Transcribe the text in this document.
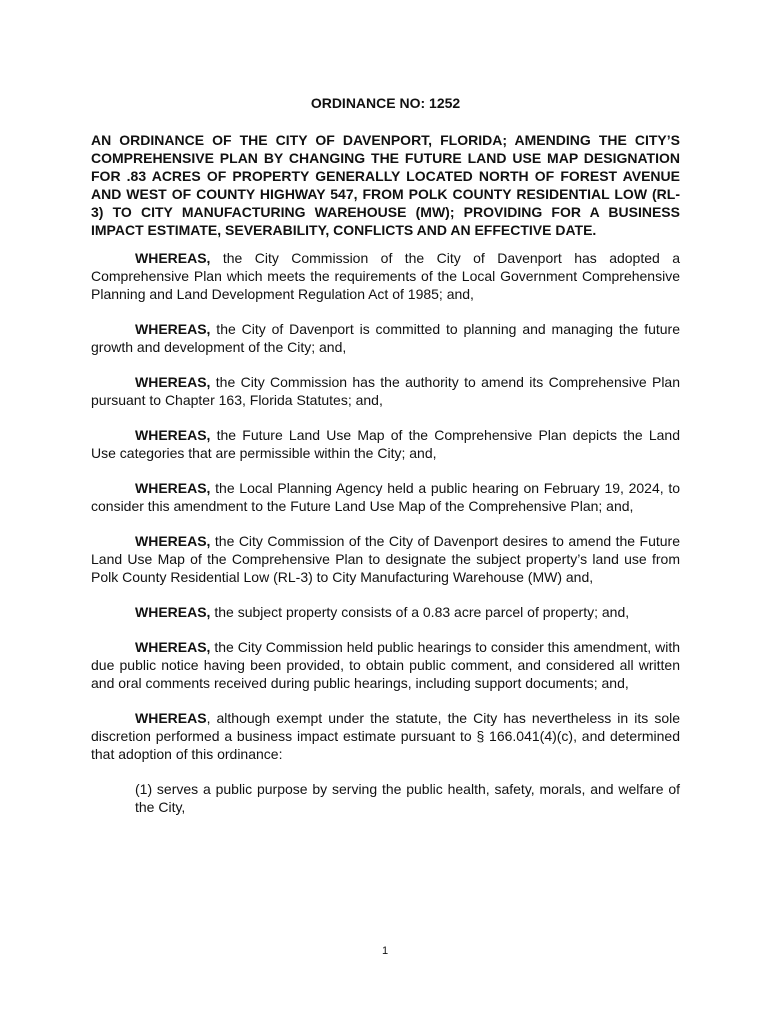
ORDINANCE NO: 1252
AN ORDINANCE OF THE CITY OF DAVENPORT, FLORIDA; AMENDING THE CITY’S COMPREHENSIVE PLAN BY CHANGING THE FUTURE LAND USE MAP DESIGNATION FOR .83 ACRES OF PROPERTY GENERALLY LOCATED NORTH OF FOREST AVENUE AND WEST OF COUNTY HIGHWAY 547, FROM POLK COUNTY RESIDENTIAL LOW (RL-3) TO CITY MANUFACTURING WAREHOUSE (MW); PROVIDING FOR A BUSINESS IMPACT ESTIMATE, SEVERABILITY, CONFLICTS AND AN EFFECTIVE DATE.

WHEREAS, the City Commission of the City of Davenport has adopted a Comprehensive Plan which meets the requirements of the Local Government Comprehensive Planning and Land Development Regulation Act of 1985; and,

WHEREAS, the City of Davenport is committed to planning and managing the future growth and development of the City; and,

WHEREAS, the City Commission has the authority to amend its Comprehensive Plan pursuant to Chapter 163, Florida Statutes; and,

WHEREAS, the Future Land Use Map of the Comprehensive Plan depicts the Land Use categories that are permissible within the City; and,

WHEREAS, the Local Planning Agency held a public hearing on February 19, 2024, to consider this amendment to the Future Land Use Map of the Comprehensive Plan; and,

WHEREAS, the City Commission of the City of Davenport desires to amend the Future Land Use Map of the Comprehensive Plan to designate the subject property’s land use from Polk County Residential Low (RL-3) to City Manufacturing Warehouse (MW) and,

WHEREAS, the subject property consists of a 0.83 acre parcel of property; and,

WHEREAS, the City Commission held public hearings to consider this amendment, with due public notice having been provided, to obtain public comment, and considered all written and oral comments received during public hearings, including support documents; and,

WHEREAS, although exempt under the statute, the City has nevertheless in its sole discretion performed a business impact estimate pursuant to § 166.041(4)(c), and determined that adoption of this ordinance:

(1) serves a public purpose by serving the public health, safety, morals, and welfare of the City,

1
